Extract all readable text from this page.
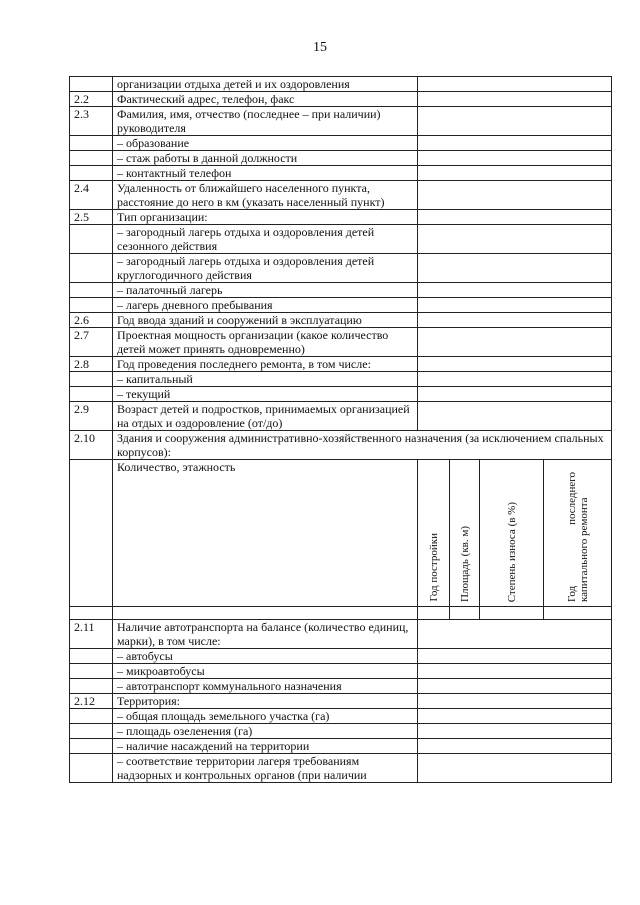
15
	организации отдыха детей и их оздоровления				
2.2	Фактический адрес, телефон, факс				
2.3	Фамилия, имя, отчество (последнее – при наличии) руководителя				
	– образование				
	– стаж работы в данной должности				
	– контактный телефон				
2.4	Удаленность от ближайшего населенного пункта, расстояние до него в км (указать населенный пункт)				
2.5	Тип организации:				
	– загородный лагерь отдыха и оздоровления детей сезонного действия				
	– загородный лагерь отдыха и оздоровления детей круглогодичного действия				
	– палаточный лагерь				
	– лагерь дневного пребывания				
2.6	Год ввода зданий и сооружений в эксплуатацию				
2.7	Проектная мощность организации (какое количество детей может принять одновременно)				
2.8	Год проведения последнего ремонта, в том числе:				
	– капитальный				
	– текущий				
2.9	Возраст детей и подростков, принимаемых организацией на отдых и оздоровление (от/до)				
2.10	Здания и сооружения административно-хозяйственного назначения (за исключением спальных корпусов):				

	Количество, этажность	Год постройки	Площадь (кв. м)	Степень износа (в %)	Год последнего капитального ремонта

2.11	Наличие автотранспорта на балансе (количество единиц, марки), в том числе:				
	– автобусы				
	– микроавтобусы				
	– автотранспорт коммунального назначения				
2.12	Территория:				
	– общая площадь земельного участка (га)				
	– площадь озеленения (га)				
	– наличие насаждений на территории				
	– соответствие территории лагеря требованиям надзорных и контрольных органов (при наличии				
